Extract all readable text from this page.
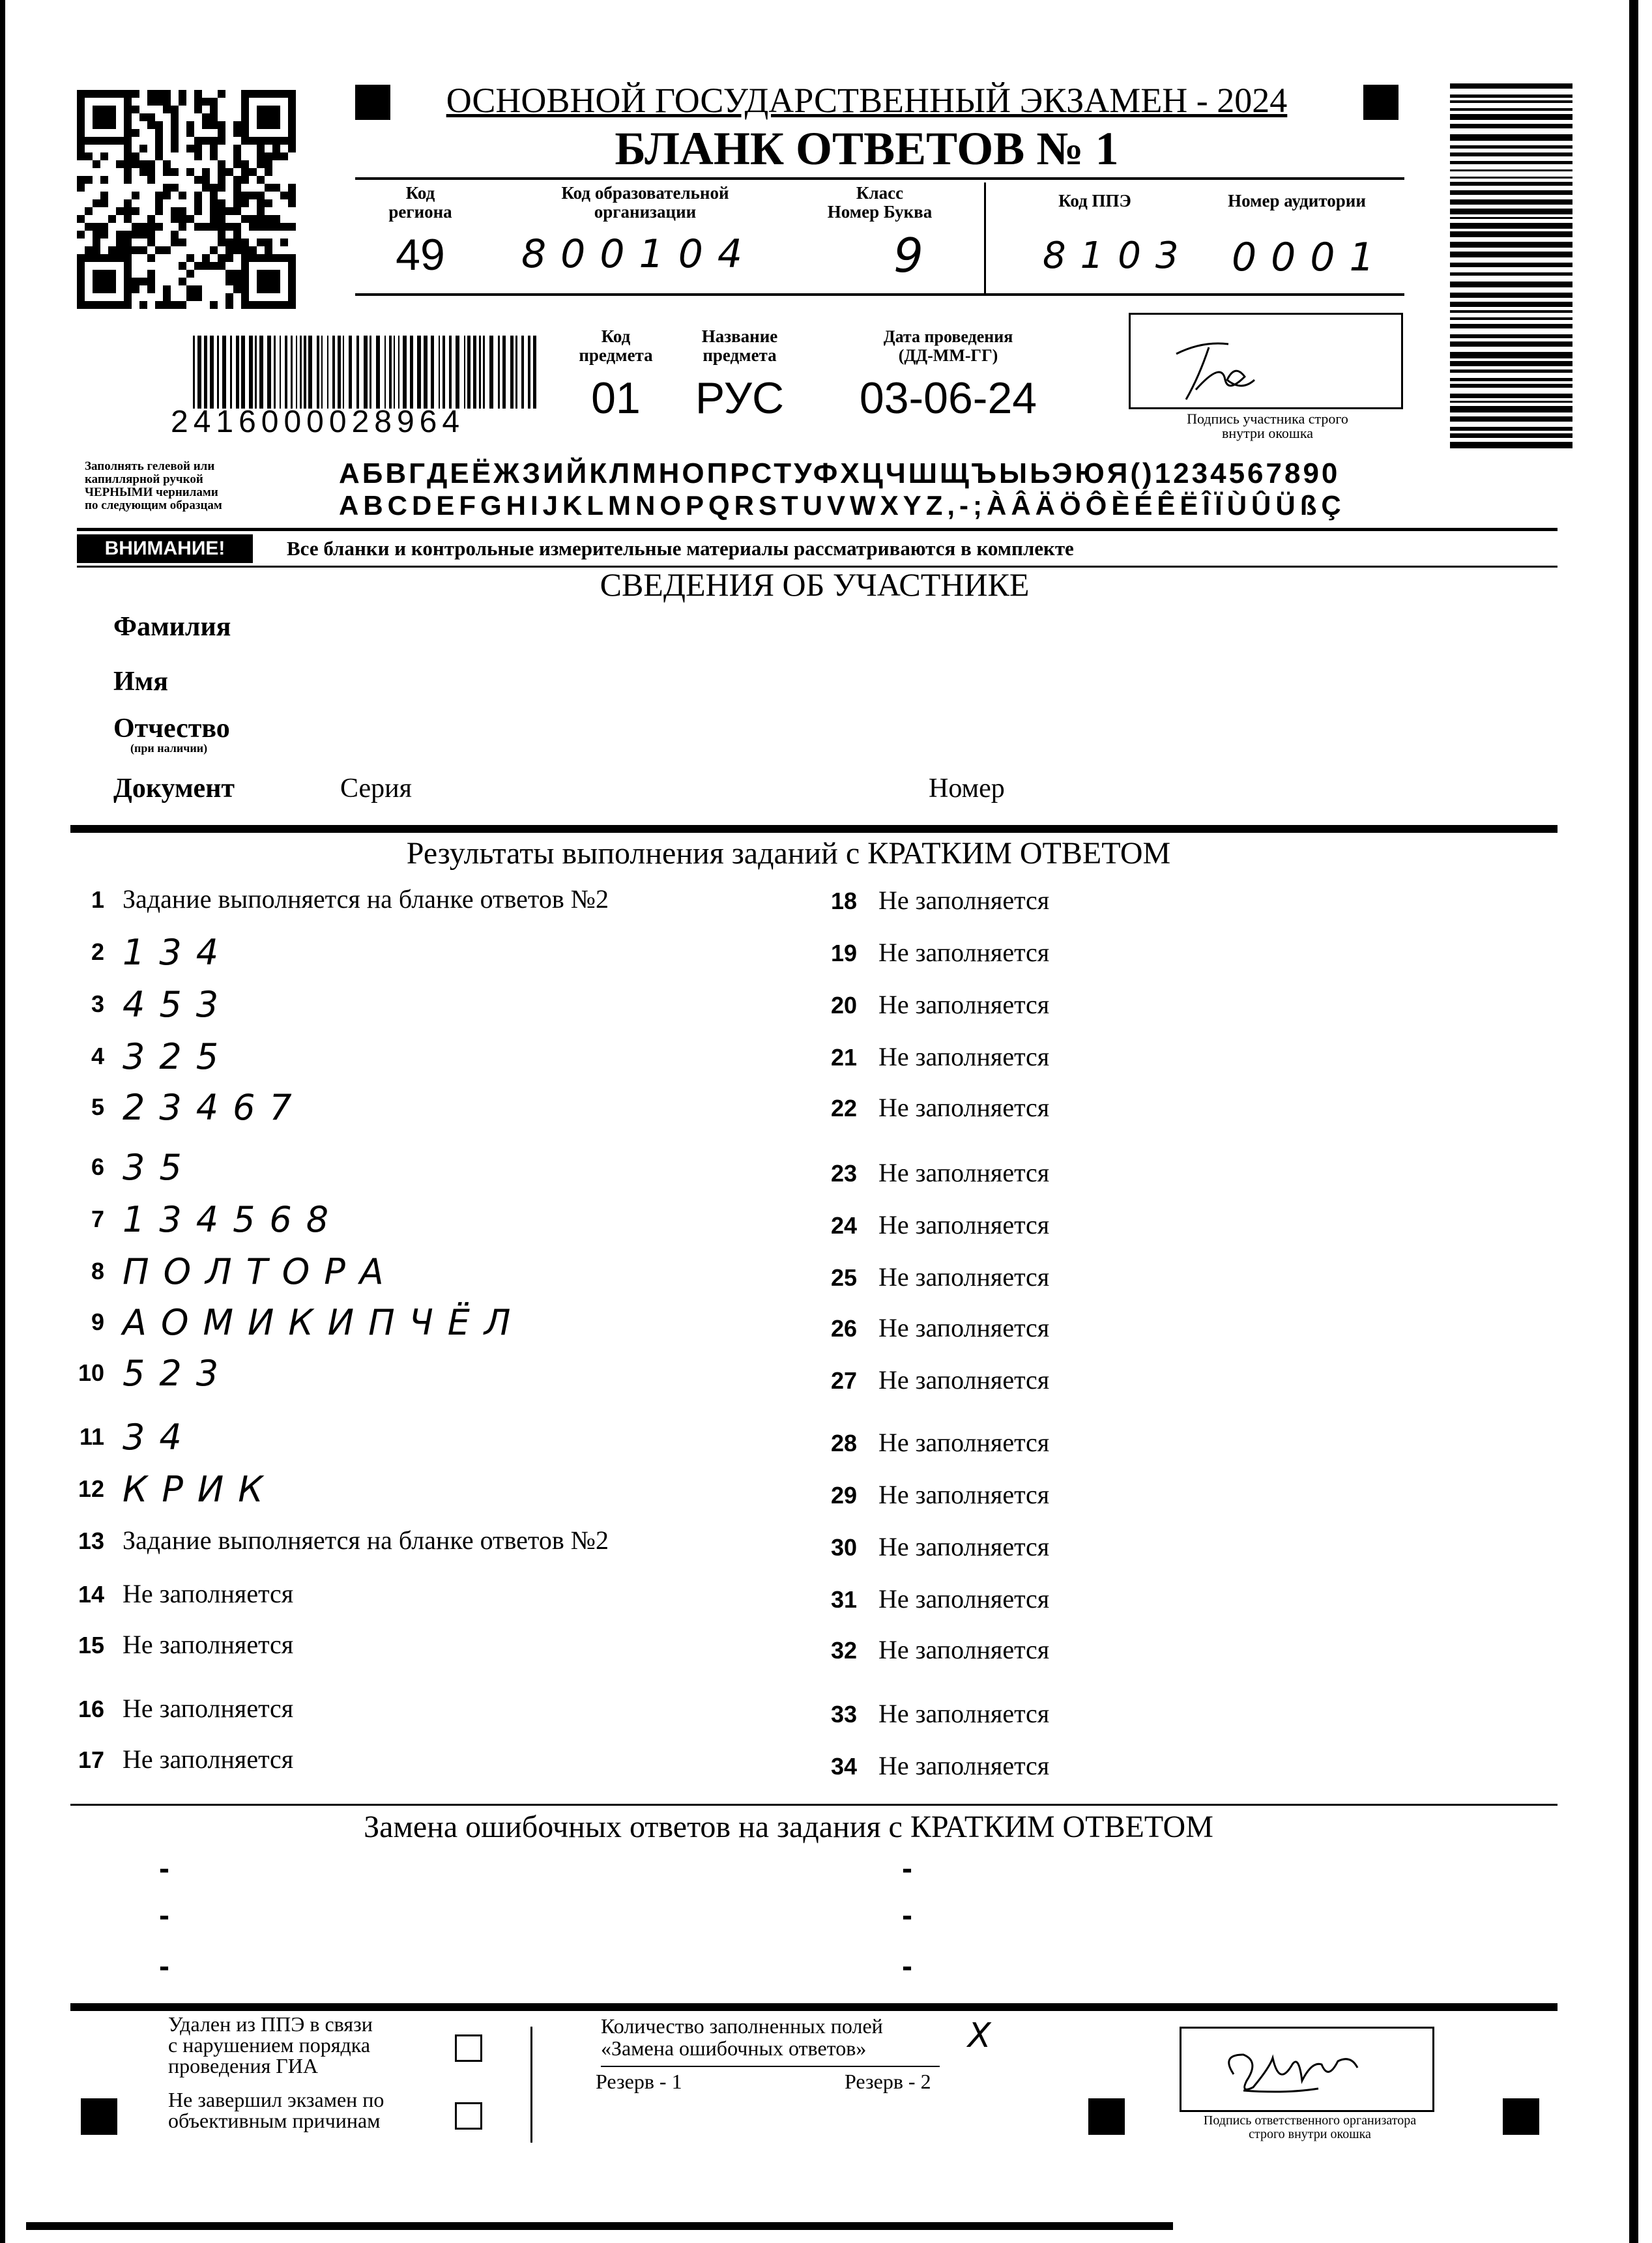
ОСНОВНОЙ ГОСУДАРСТВЕННЫЙ ЭКЗАМЕН - 2024
БЛАНК ОТВЕТОВ № 1
Код
региона
Код образовательной
организации
Класс
Номер Буква
Код ППЭ	Номер аудитории
49	800104	9	8103 0001
2416000028964
Код
предмета
Название
предмета
Дата проведения
(ДД-ММ-ГГ)
01	РУС	03-06-24	Подпись участника строго
внутри окошка
Заполнять гелевой или
капиллярной ручкой
ЧЕРНЫМИ чернилами
по следующим образцам
АБВГДЕЁЖЗИЙКЛМНОПРСТУФХЦЧШЩЪЫЬЭЮЯ()1234567890
ABCDEFGHIJKLMNOPQRSTUVWXYZ,-;ÀÂÄÖÔÈÉÊËÎÏÙÛÜßÇ
ВНИМАНИЕ!	Все бланки и контрольные измерительные материалы рассматриваются в комплекте
СВЕДЕНИЯ ОБ УЧАСТНИКЕ
Фамилия
Имя
Отчество
(при наличии)
Документ	Серия	Номер
Результаты выполнения заданий с КРАТКИМ ОТВЕТОМ
1 Задание выполняется на бланке ответов №2
2 134
3 453
4 325
5 23467
6 35
7 134568
8 ПОЛТОРА
9 АОМИКИПЧЁЛ
10 523
11 34
12 КРИК
13 Задание выполняется на бланке ответов №2
14 Не заполняется
15 Не заполняется
16 Не заполняется
17 Не заполняется
18 Не заполняется
19 Не заполняется
20 Не заполняется
21 Не заполняется
22 Не заполняется
23 Не заполняется
24 Не заполняется
25 Не заполняется
26 Не заполняется
27 Не заполняется
28 Не заполняется
29 Не заполняется
30 Не заполняется
31 Не заполняется
32 Не заполняется
33 Не заполняется
34 Не заполняется
Замена ошибочных ответов на задания с КРАТКИМ ОТВЕТОМ
-
-
-
-
-
-
Удален из ППЭ в связи
с нарушением порядка
проведения ГИА
Не завершил экзамен по
объективным причинам
Количество заполненных полей
«Замена ошибочных ответов»	X
Резерв - 1	Резерв - 2
Подпись ответственного организатора
строго внутри окошка
